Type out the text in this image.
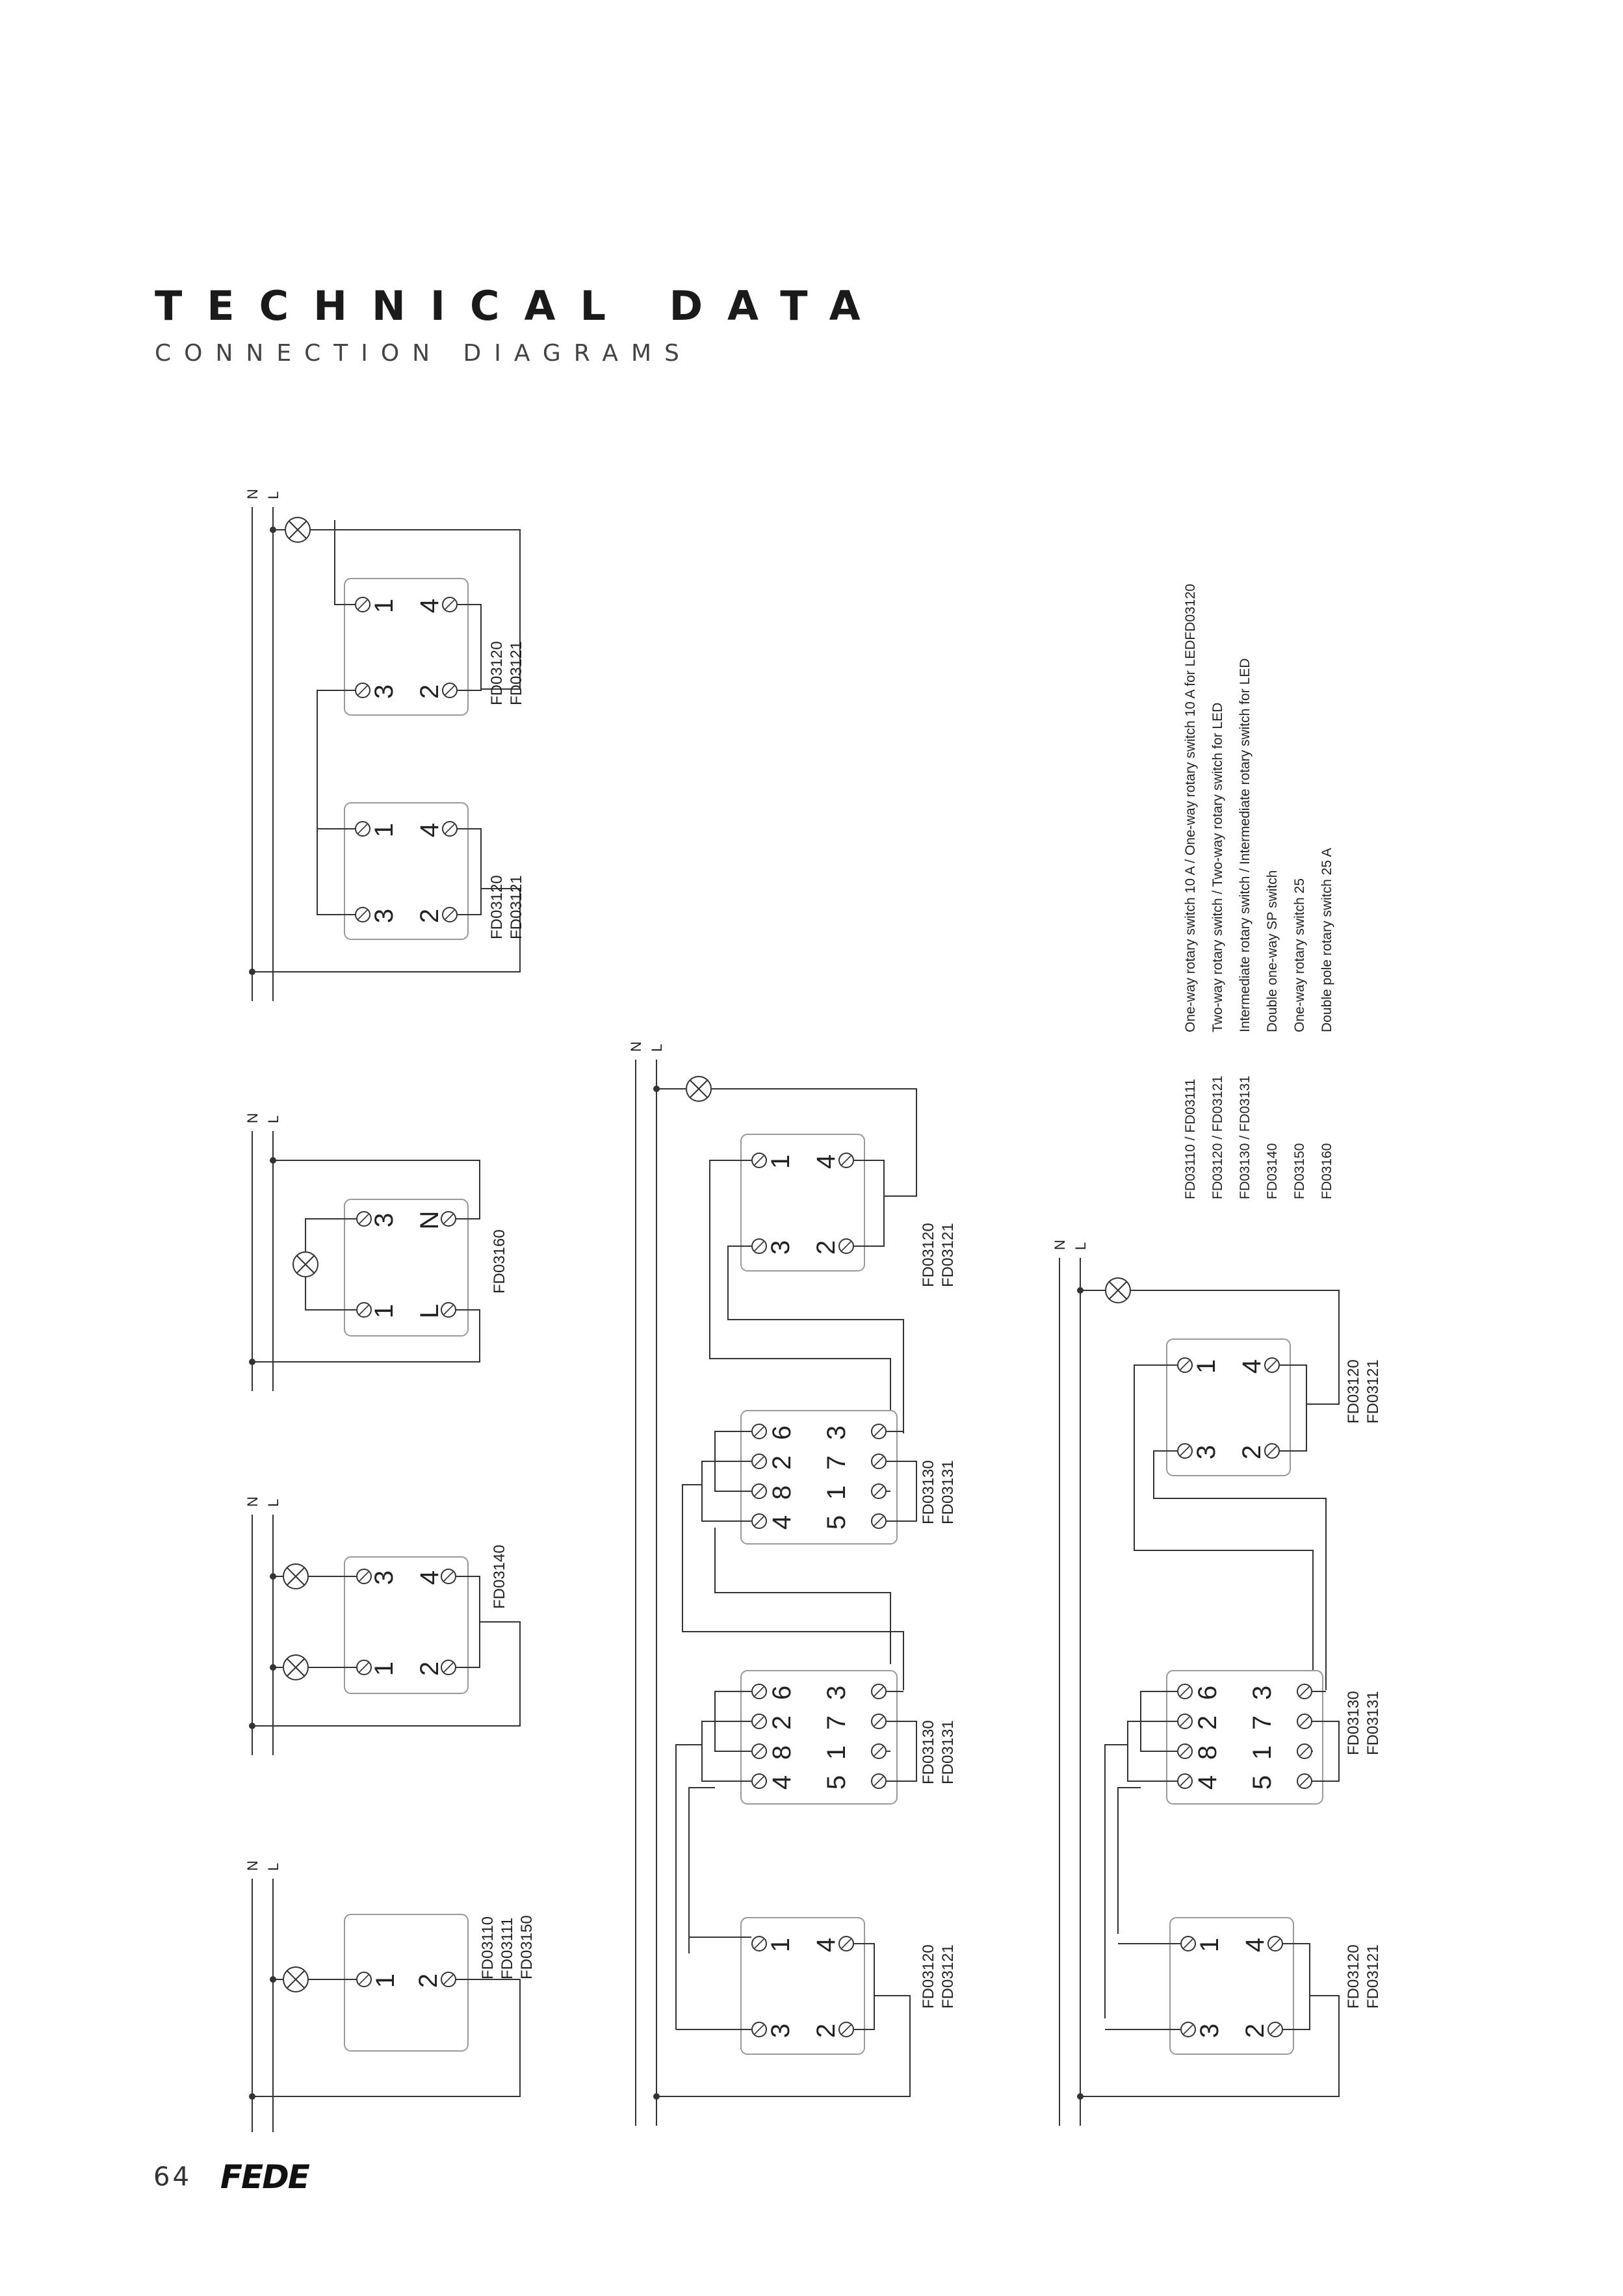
TECHNICAL DATA
CONNECTION DIAGRAMS
N L
1 2
FD03110 FD03111 FD03150
N L
3 4
1 2
FD03140
N L
3 N
1 L
FD03160
N L
1 4
3 2
1 4
3 2
FD03120 FD03121
FD03120 FD03121
N L
1 4
3 2
6 3
2 7
8 1
4 5
6 3
2 7
8 1
4 5
1 4
3 2
FD03120 FD03121
FD03130 FD03131
FD03130 FD03131
FD03120 FD03121
N L
1 4
3 2
6 3
2 7
8 1
4 5
1 4
3 2
FD03120 FD03121
FD03130 FD03131
FD03120 FD03121
FD03110 / FD03111
One-way rotary switch 10 A / One-way rotary switch 10 A for LEDFD03120
FD03120 / FD03121
Two-way rotary switch / Two-way rotary switch for LED
FD03130 / FD03131
Intermediate rotary switch / Intermediate rotary switch for LED
FD03140
Double one-way SP switch
FD03150
One-way rotary switch 25
FD03160
Double pole rotary switch 25 A
64 FEDE
